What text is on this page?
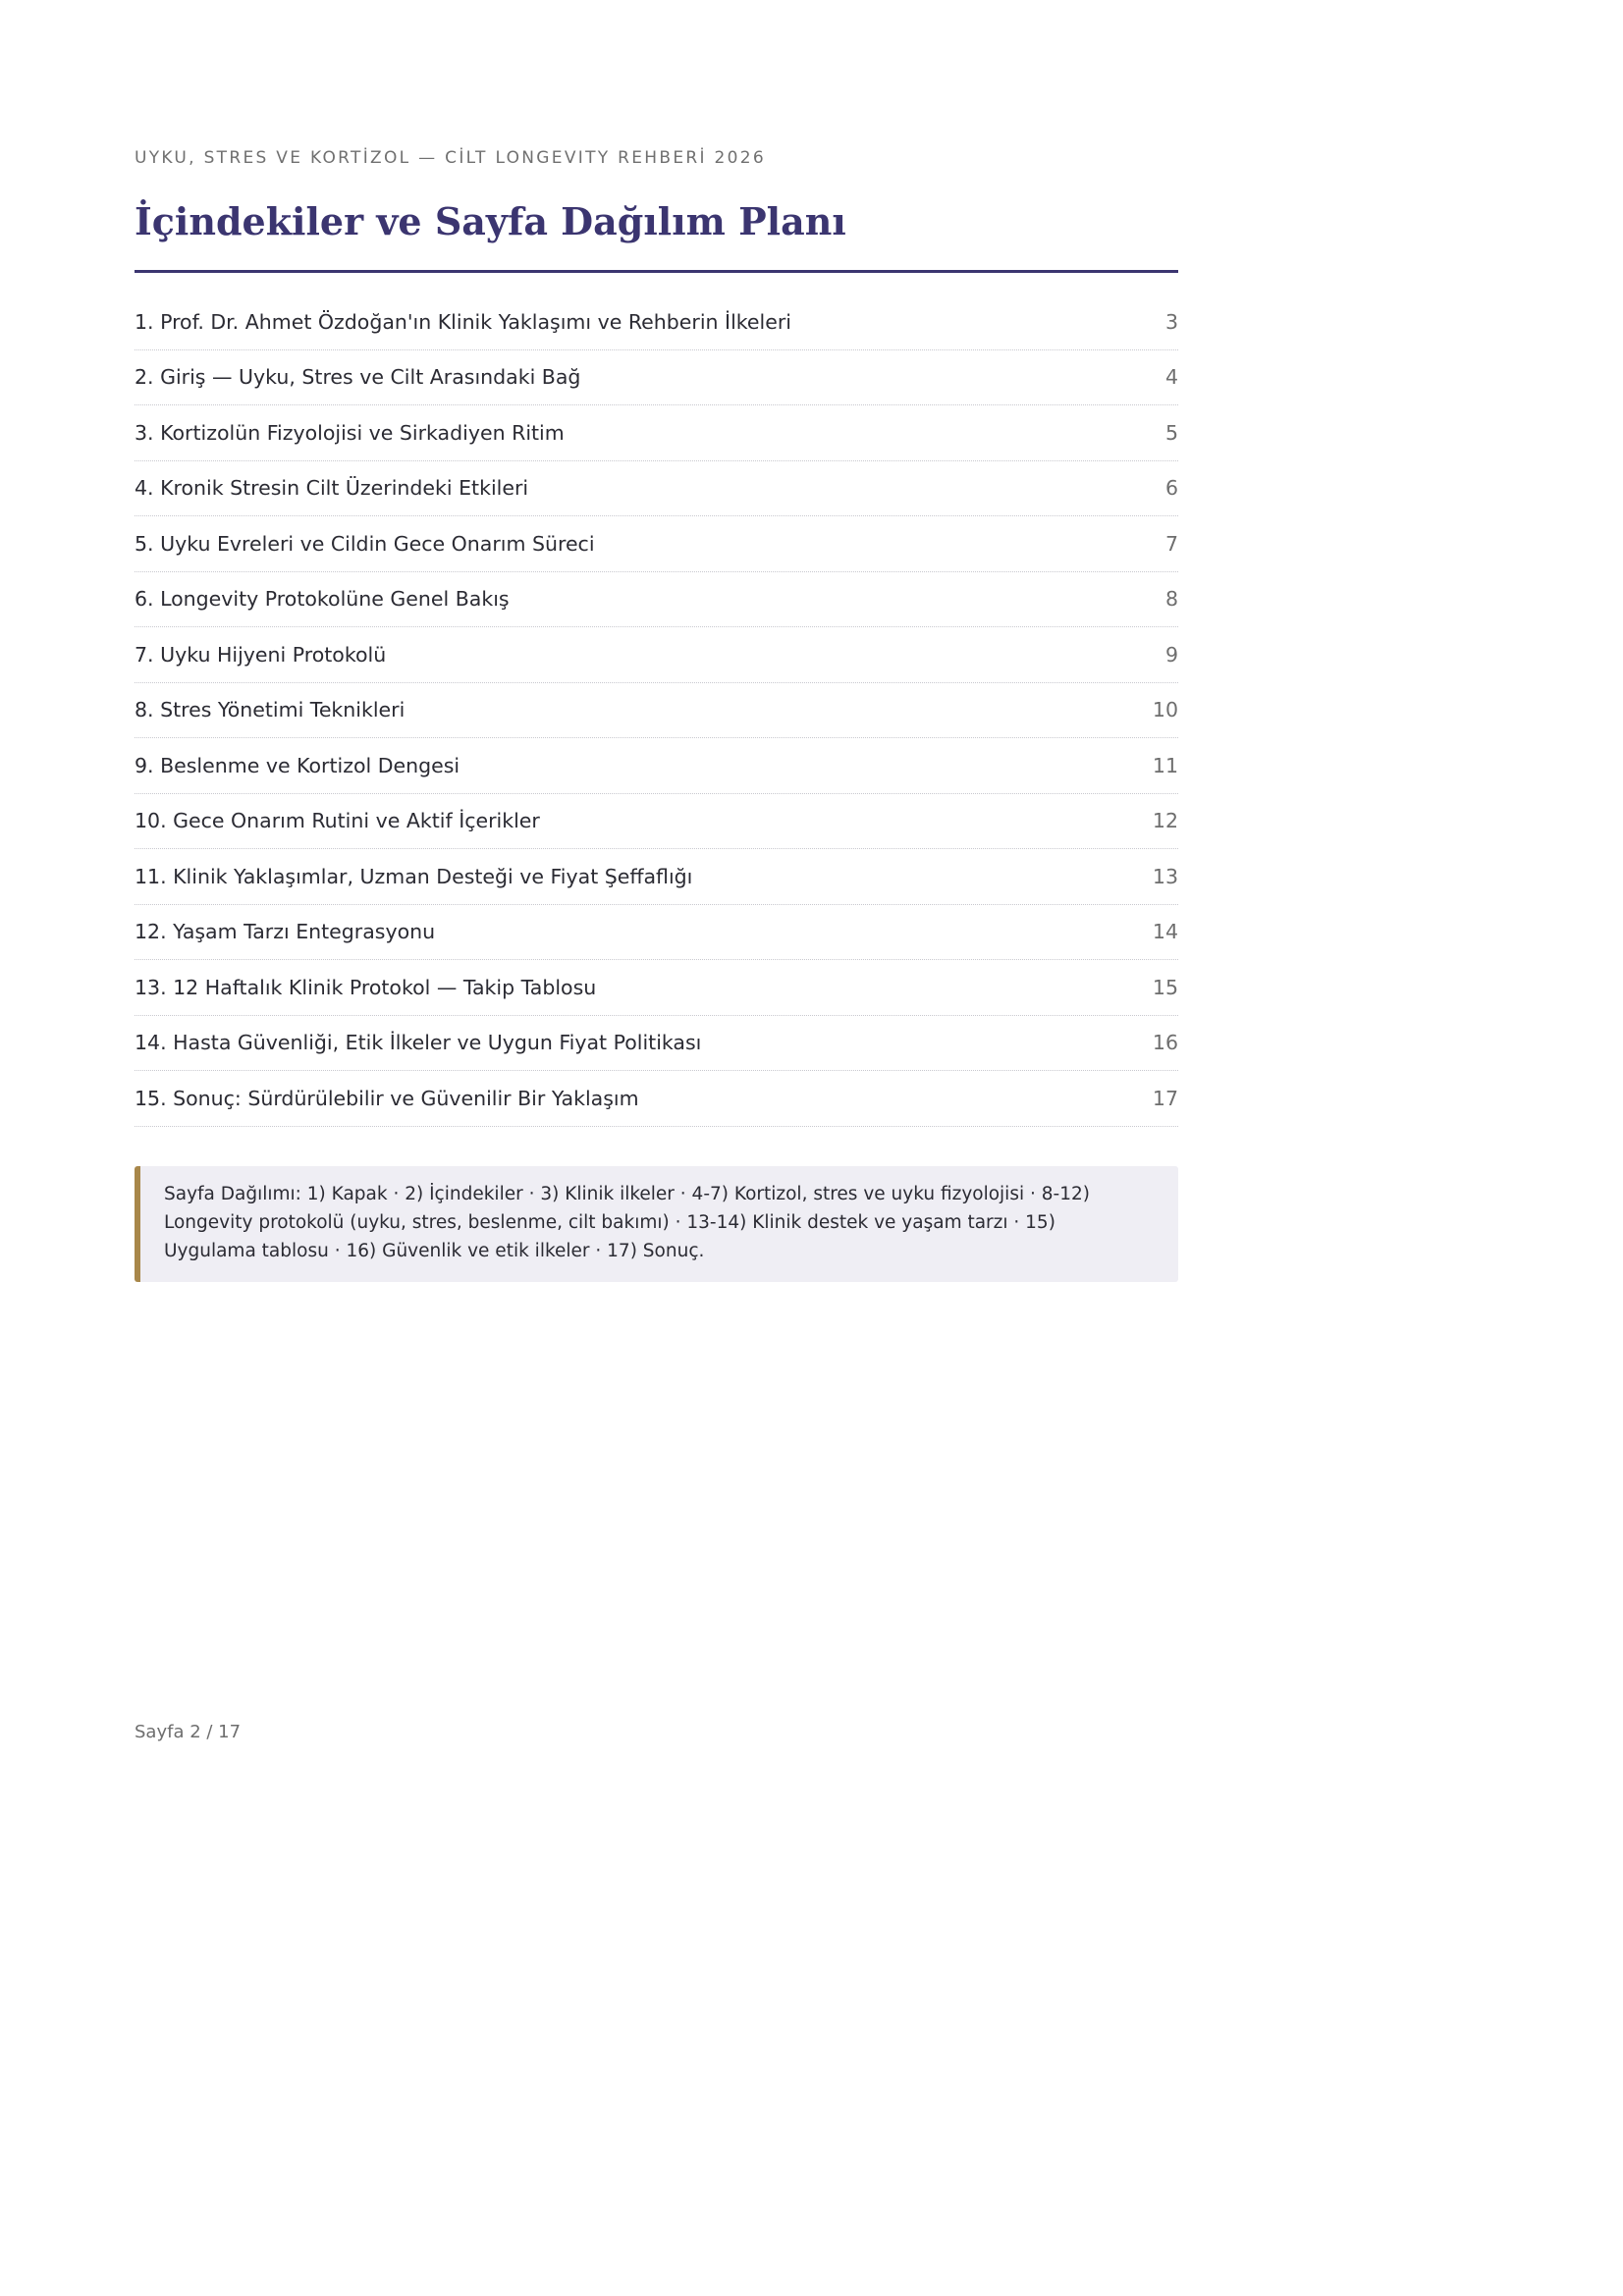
UYKU, STRES VE KORTİZOL — CİLT LONGEVITY REHBERİ 2026
İçindekiler ve Sayfa Dağılım Planı
1. Prof. Dr. Ahmet Özdoğan'ın Klinik Yaklaşımı ve Rehberin İlkeleri	3
2. Giriş — Uyku, Stres ve Cilt Arasındaki Bağ	4
3. Kortizolün Fizyolojisi ve Sirkadiyen Ritim	5
4. Kronik Stresin Cilt Üzerindeki Etkileri	6
5. Uyku Evreleri ve Cildin Gece Onarım Süreci	7
6. Longevity Protokolüne Genel Bakış	8
7. Uyku Hijyeni Protokolü	9
8. Stres Yönetimi Teknikleri	10
9. Beslenme ve Kortizol Dengesi	11
10. Gece Onarım Rutini ve Aktif İçerikler	12
11. Klinik Yaklaşımlar, Uzman Desteği ve Fiyat Şeffaflığı	13
12. Yaşam Tarzı Entegrasyonu	14
13. 12 Haftalık Klinik Protokol — Takip Tablosu	15
14. Hasta Güvenliği, Etik İlkeler ve Uygun Fiyat Politikası	16
15. Sonuç: Sürdürülebilir ve Güvenilir Bir Yaklaşım	17
Sayfa Dağılımı: 1) Kapak · 2) İçindekiler · 3) Klinik ilkeler · 4-7) Kortizol, stres ve uyku fizyolojisi · 8-12)
Longevity protokolü (uyku, stres, beslenme, cilt bakımı) · 13-14) Klinik destek ve yaşam tarzı · 15)
Uygulama tablosu · 16) Güvenlik ve etik ilkeler · 17) Sonuç.
Sayfa 2 / 17
